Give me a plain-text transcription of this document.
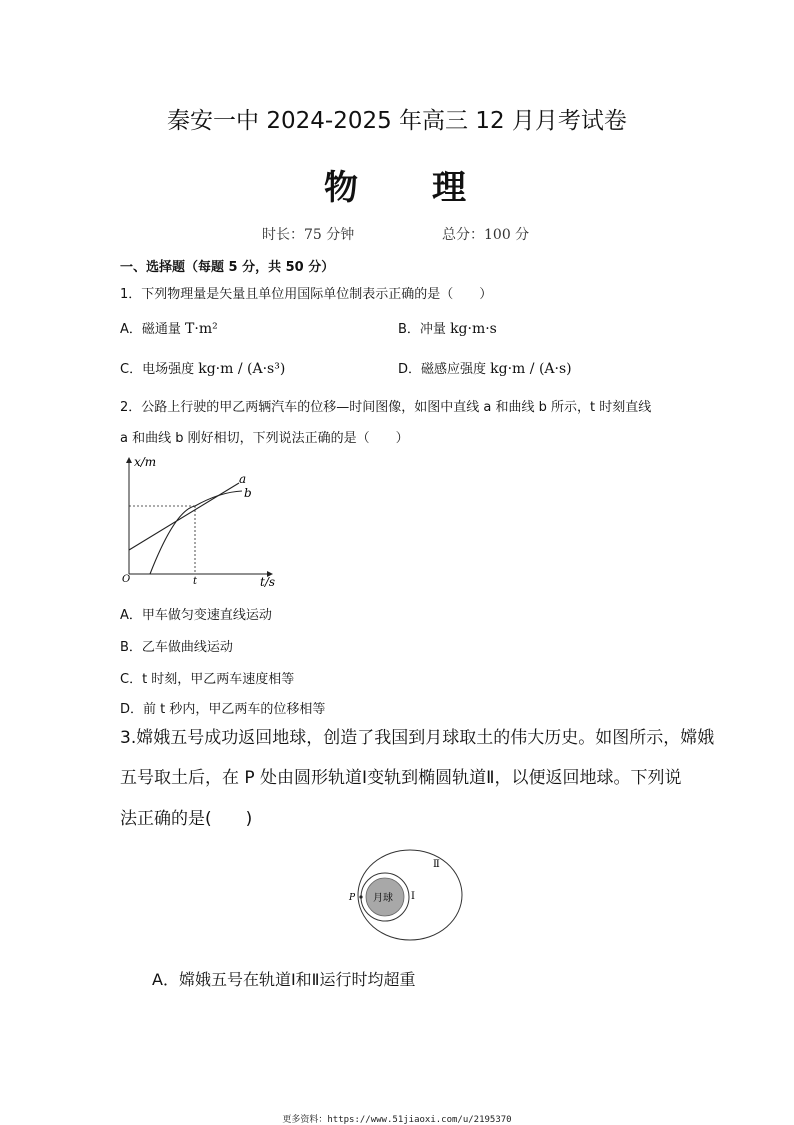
秦安一中 2024-2025 年高三 12 月月考试卷
物 理
时长：75 分钟	总分：100 分
一、选择题（每题 5 分，共 50 分）
1．下列物理量是矢量且单位用国际单位制表示正确的是（　　）
A．磁通量 T·m²	B．冲量 kg·m·s
C．电场强度 kg·m / (A·s³)	D．磁感应强度 kg·m / (A·s)
2．公路上行驶的甲乙两辆汽车的位移—时间图像，如图中直线 a 和曲线 b 所示，t 时刻直线
a 和曲线 b 刚好相切，下列说法正确的是（　　）
x/m
t/s
O	t
a
b
A．甲车做匀变速直线运动
B．乙车做曲线运动
C．t 时刻，甲乙两车速度相等
D．前 t 秒内，甲乙两车的位移相等
3.嫦娥五号成功返回地球，创造了我国到月球取土的伟大历史。如图所示，嫦娥
五号取土后，在 P 处由圆形轨道Ⅰ变轨到椭圆轨道Ⅱ，以便返回地球。下列说
法正确的是(　　)
月球
P	Ⅰ
Ⅱ
A．嫦娥五号在轨道Ⅰ和Ⅱ运行时均超重
更多资料：https://www.51jiaoxi.com/u/2195370
